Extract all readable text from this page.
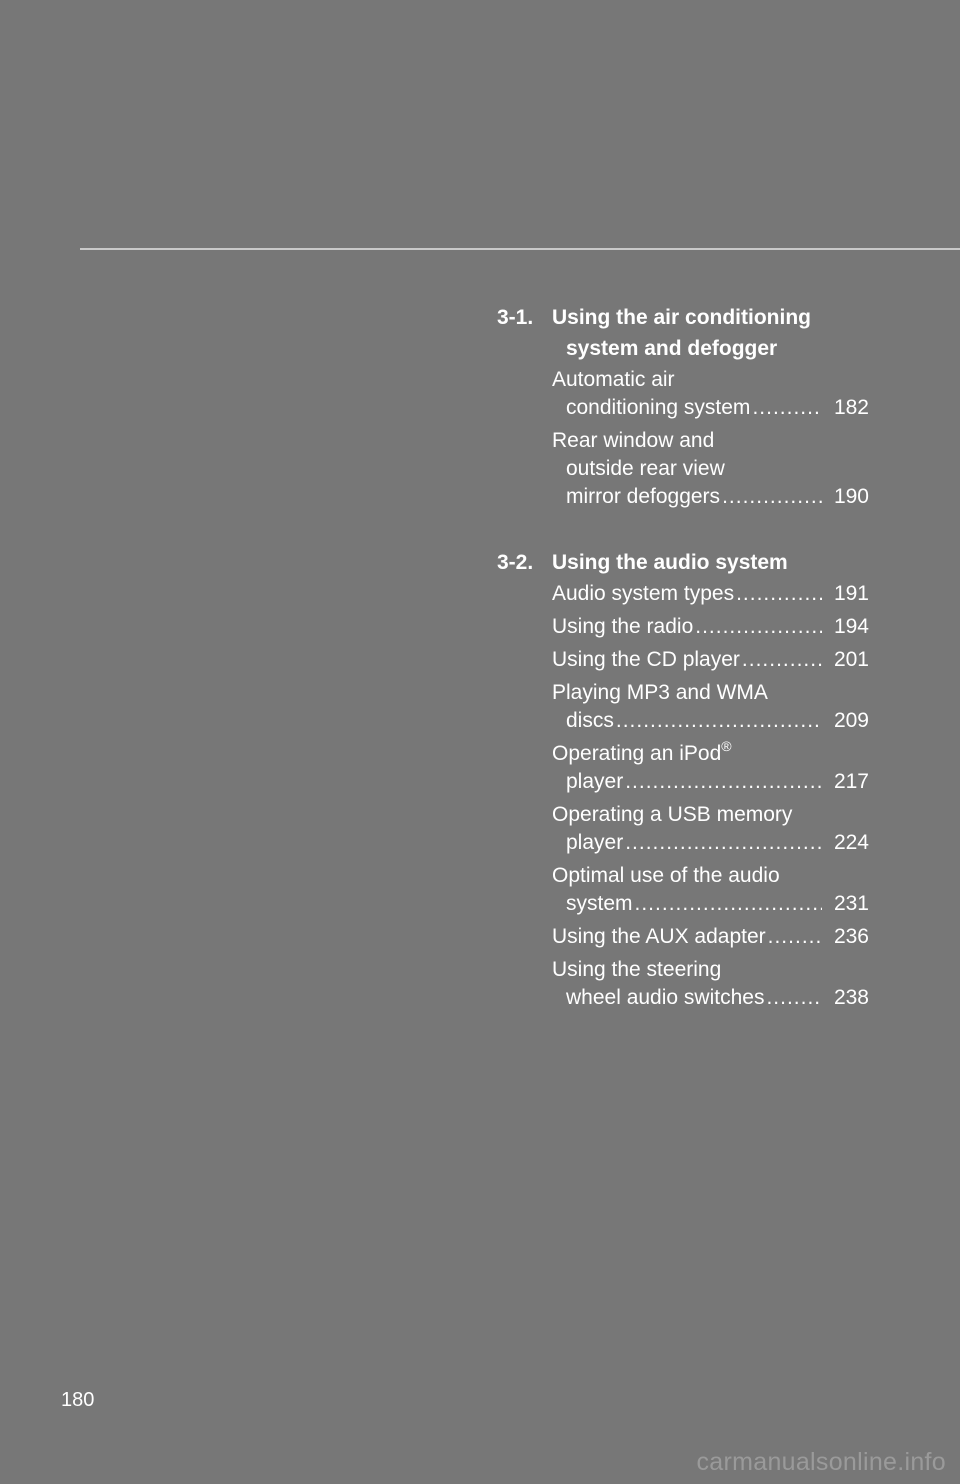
3-1. Using the air conditioning
system and defogger
Automatic air
conditioning system .....	182
Rear window and
outside rear view
mirror defoggers .....	190
3-2. Using the audio system
Audio system types .....	191
Using the radio .....	194
Using the CD player .....	201
Playing MP3 and WMA
discs .....	209
Operating an iPod®
player .....	217
Operating a USB memory
player .....	224
Optimal use of the audio
system .....	231
Using the AUX adapter .....	236
Using the steering
wheel audio switches .....	238
180
carmanualsonline.info
